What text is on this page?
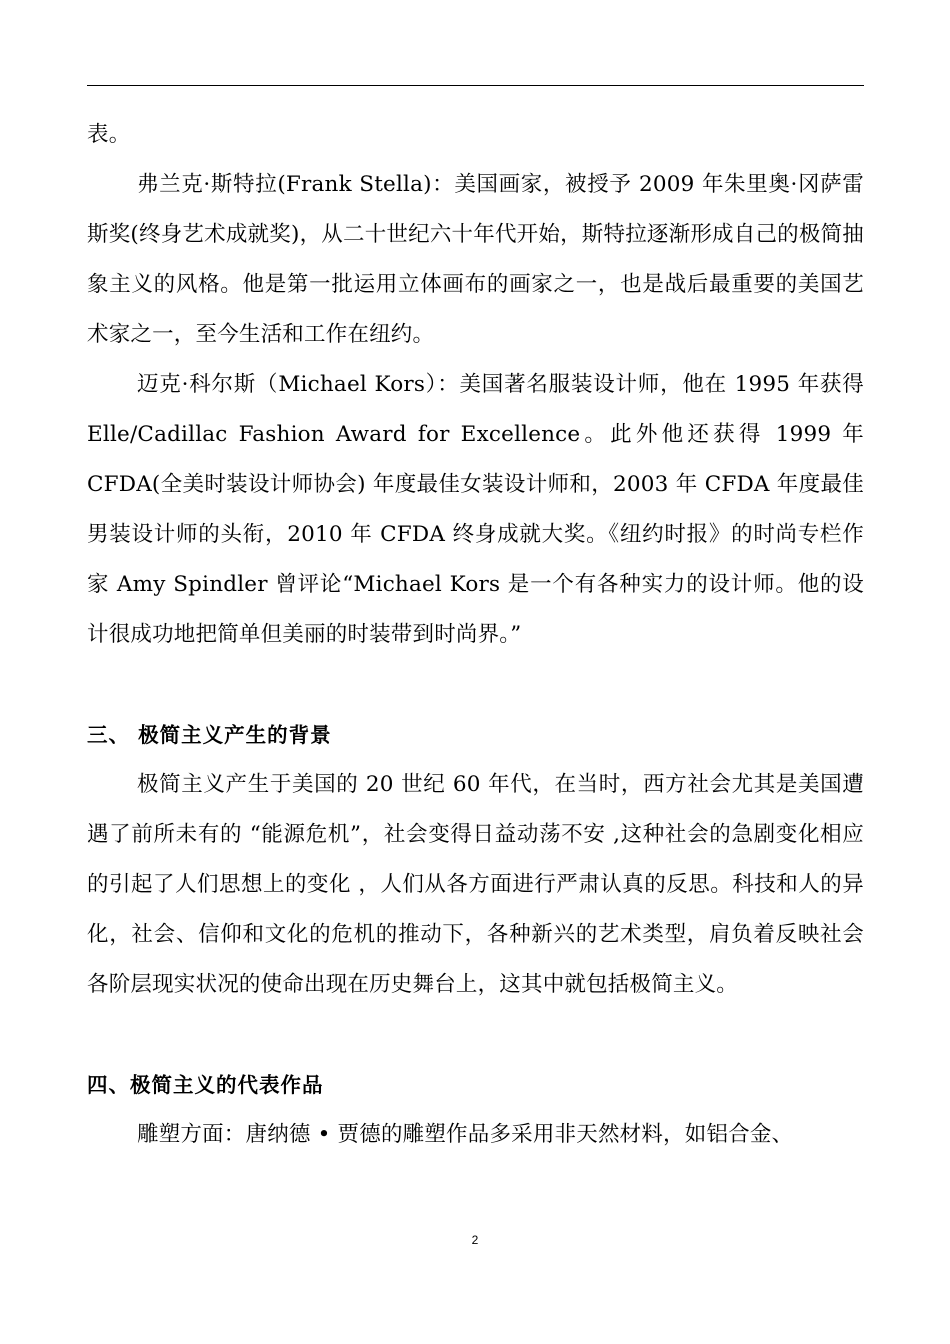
表。

弗兰克·斯特拉(Frank Stella)：美国画家，被授予 2009 年朱里奥·冈萨雷斯奖(终身艺术成就奖)，从二十世纪六十年代开始，斯特拉逐渐形成自己的极简抽象主义的风格。他是第一批运用立体画布的画家之一，也是战后最重要的美国艺术家之一，至今生活和工作在纽约。

迈克·科尔斯（Michael Kors）：美国著名服装设计师，他在 1995 年获得 Elle/Cadillac Fashion Award for Excellence。此外他还获得 1999 年 CFDA(全美时装设计师协会) 年度最佳女装设计师和，2003 年 CFDA 年度最佳男装设计师的头衔，2010 年 CFDA 终身成就大奖。《纽约时报》的时尚专栏作家 Amy Spindler 曾评论“Michael Kors 是一个有各种实力的设计师。他的设计很成功地把简单但美丽的时装带到时尚界。”

三、 极简主义产生的背景

极简主义产生于美国的 20 世纪 60 年代，在当时，西方社会尤其是美国遭遇了前所未有的 “能源危机”，社会变得日益动荡不安 ,这种社会的急剧变化相应的引起了人们思想上的变化 ，人们从各方面进行严肃认真的反思。科技和人的异化，社会、信仰和文化的危机的推动下，各种新兴的艺术类型，肩负着反映社会各阶层现实状况的使命出现在历史舞台上，这其中就包括极简主义。

四、极简主义的代表作品

雕塑方面：唐纳德 • 贾德的雕塑作品多采用非天然材料，如铝合金、

2
